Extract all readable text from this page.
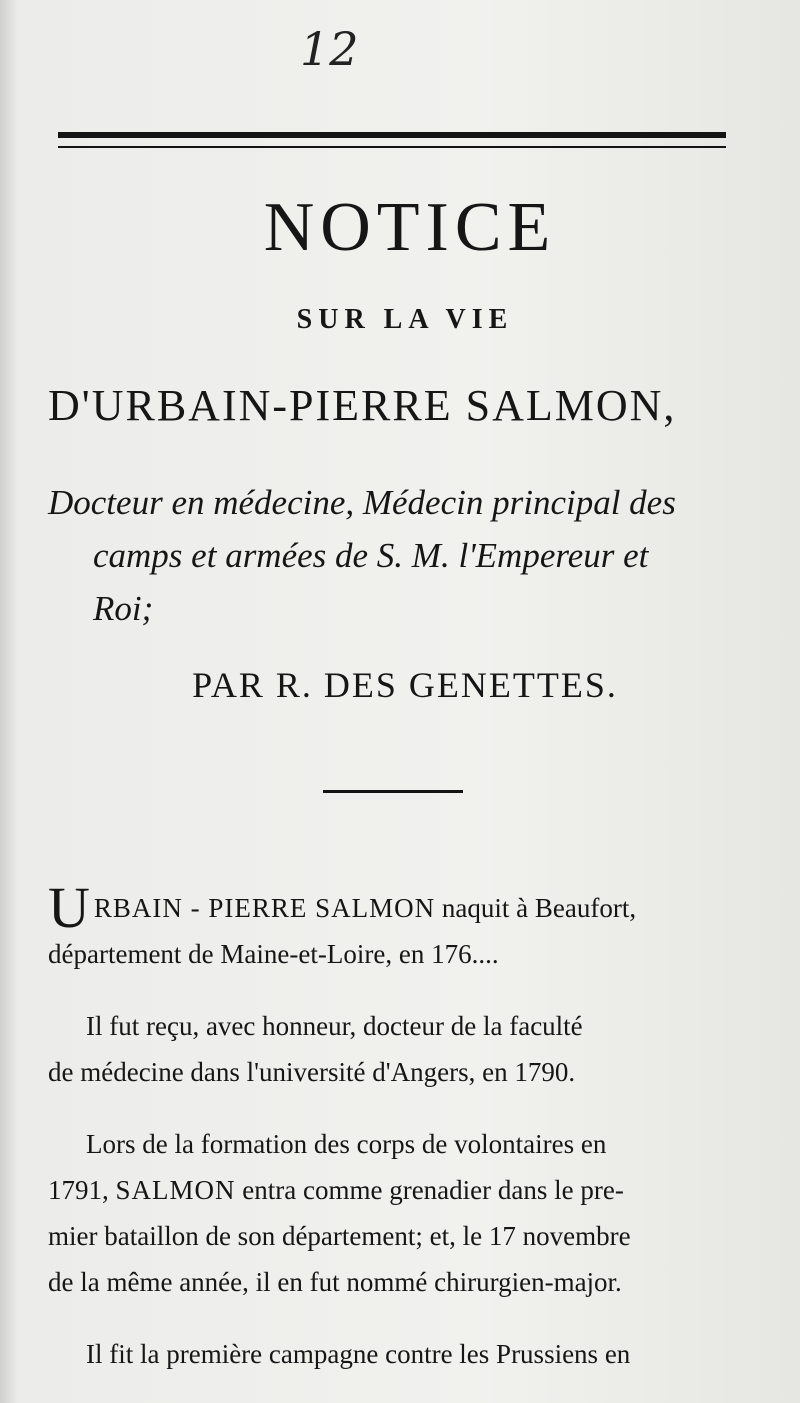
12
NOTICE
SUR LA VIE
D'URBAIN-PIERRE SALMON,
Docteur en médecine, Médecin principal des
camps et armées de S. M. l'Empereur et
Roi;
PAR R. DES GENETTES.
URBAIN - PIERRE SALMON naquit à Beaufort,
département de Maine-et-Loire, en 176....
Il fut reçu, avec honneur, docteur de la faculté
de médecine dans l'université d'Angers, en 1790.
Lors de la formation des corps de volontaires en
1791, SALMON entra comme grenadier dans le pre-
mier bataillon de son département; et, le 17 novembre
de la même année, il en fut nommé chirurgien-major.
Il fit la première campagne contre les Prussiens en
